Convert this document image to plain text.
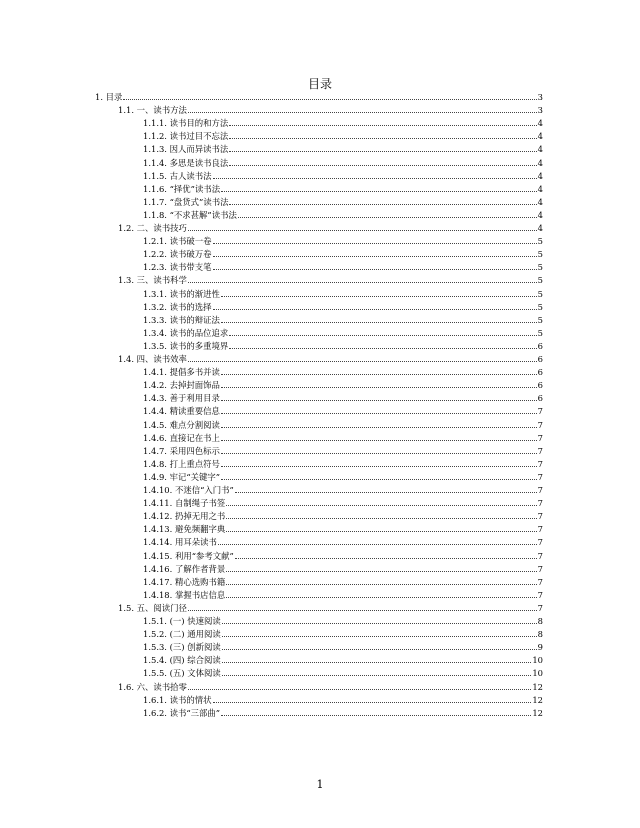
目录
1. 目录	3
1.1. 一、读书方法	3
1.1.1. 读书目的和方法	4
1.1.2. 读书过目不忘法	4
1.1.3. 因人而异读书法	4
1.1.4. 多思是读书良法	4
1.1.5. 古人读书法	4
1.1.6. “择优”读书法	4
1.1.7. “盘货式”读书法	4
1.1.8. “不求甚解”读书法	4
1.2. 二、读书技巧	4
1.2.1. 读书破一卷	5
1.2.2. 读书破万卷	5
1.2.3. 读书带支笔	5
1.3. 三、读书科学	5
1.3.1. 读书的渐进性	5
1.3.2. 读书的选择	5
1.3.3. 读书的辩证法	5
1.3.4. 读书的品位追求	5
1.3.5. 读书的多重境界	6
1.4. 四、读书效率	6
1.4.1. 提倡多书并读	6
1.4.2. 去掉封面饰品	6
1.4.3. 善于利用目录	6
1.4.4. 精读重要信息	7
1.4.5. 难点分割阅读	7
1.4.6. 直接记在书上	7
1.4.7. 采用四色标示	7
1.4.8. 打上重点符号	7
1.4.9. 牢记“关键字”	7
1.4.10. 不迷信“入门书”	7
1.4.11. 自制绳子书签	7
1.4.12. 扔掉无用之书	7
1.4.13. 避免频翻字典	7
1.4.14. 用耳朵读书	7
1.4.15. 利用“参考文献”	7
1.4.16. 了解作者背景	7
1.4.17. 精心选购书籍	7
1.4.18. 掌握书店信息	7
1.5. 五、阅读门径	7
1.5.1. (一) 快速阅读	8
1.5.2. (二) 通用阅读	8
1.5.3. (三) 创新阅读	9
1.5.4. (四) 综合阅读	10
1.5.5. (五) 文体阅读	10
1.6. 六、读书拾零	12
1.6.1. 读书的情状	12
1.6.2. 读书“三部曲”	12
1
